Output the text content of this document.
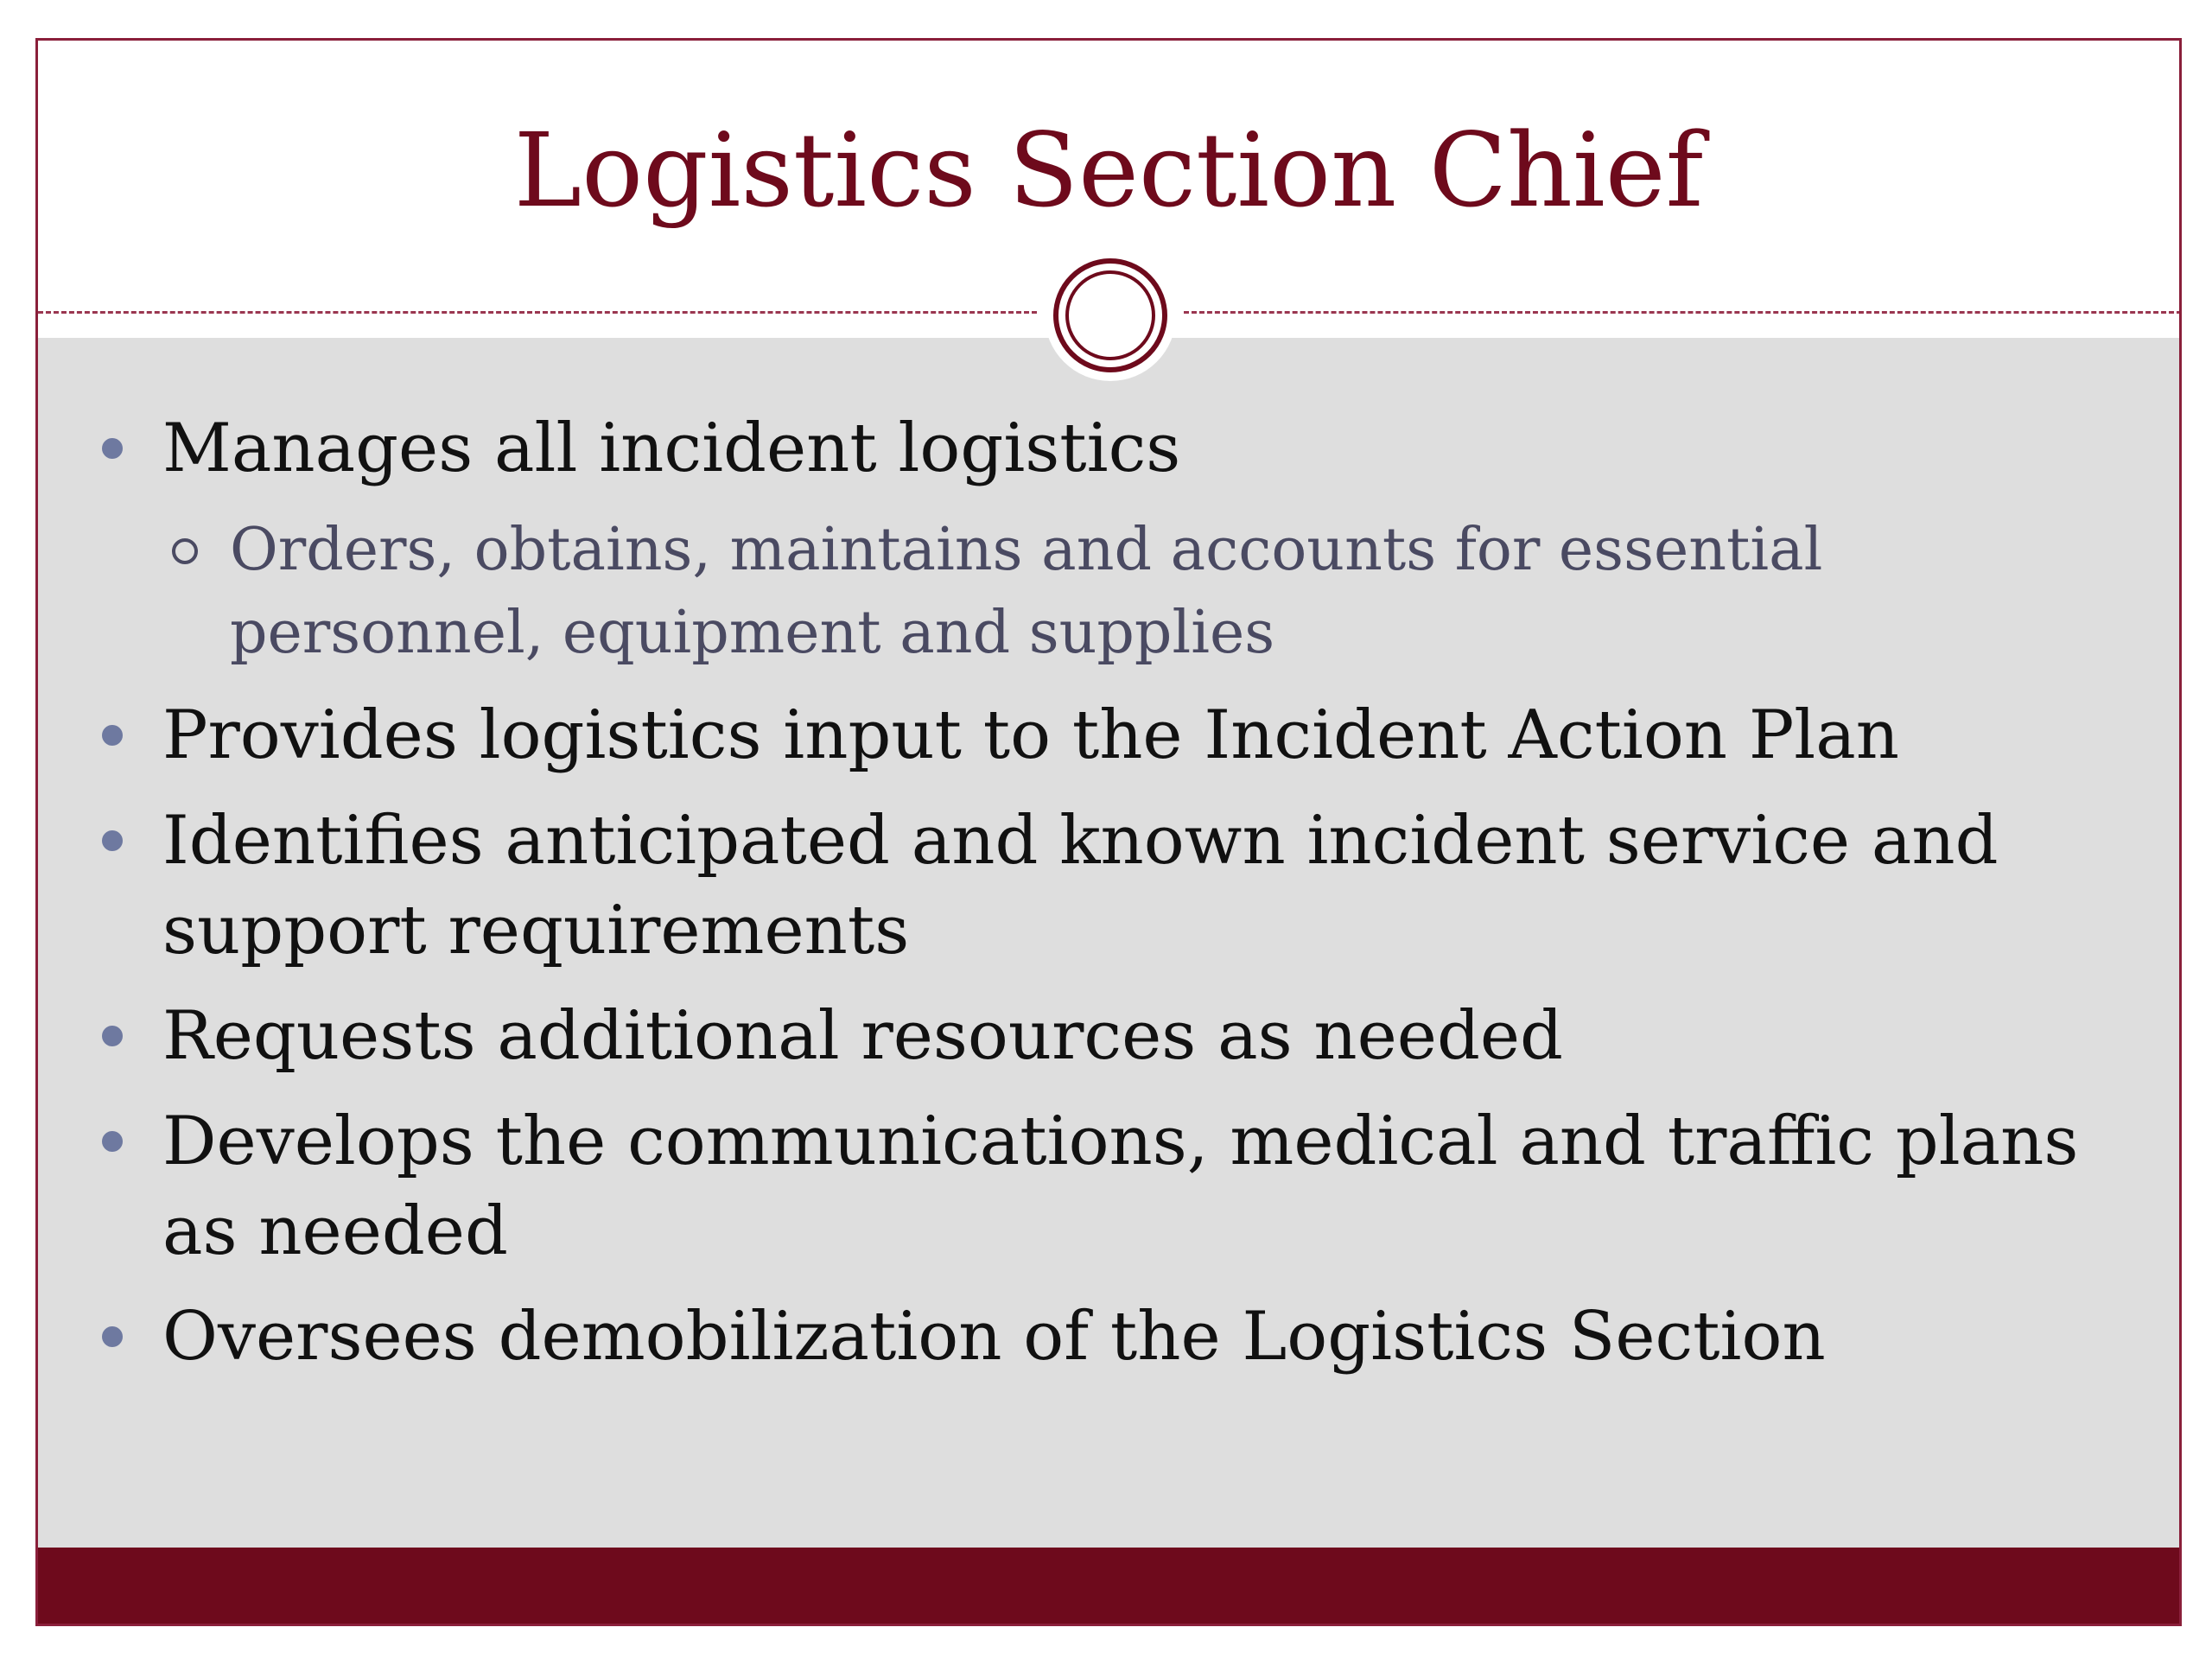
Logistics Section Chief
Manages all incident logistics
Orders, obtains, maintains and accounts for essential personnel, equipment and supplies
Provides logistics input to the Incident Action Plan
Identifies anticipated and known incident service and support requirements
Requests additional resources as needed
Develops the communications, medical and traffic plans as needed
Oversees demobilization of the Logistics Section
